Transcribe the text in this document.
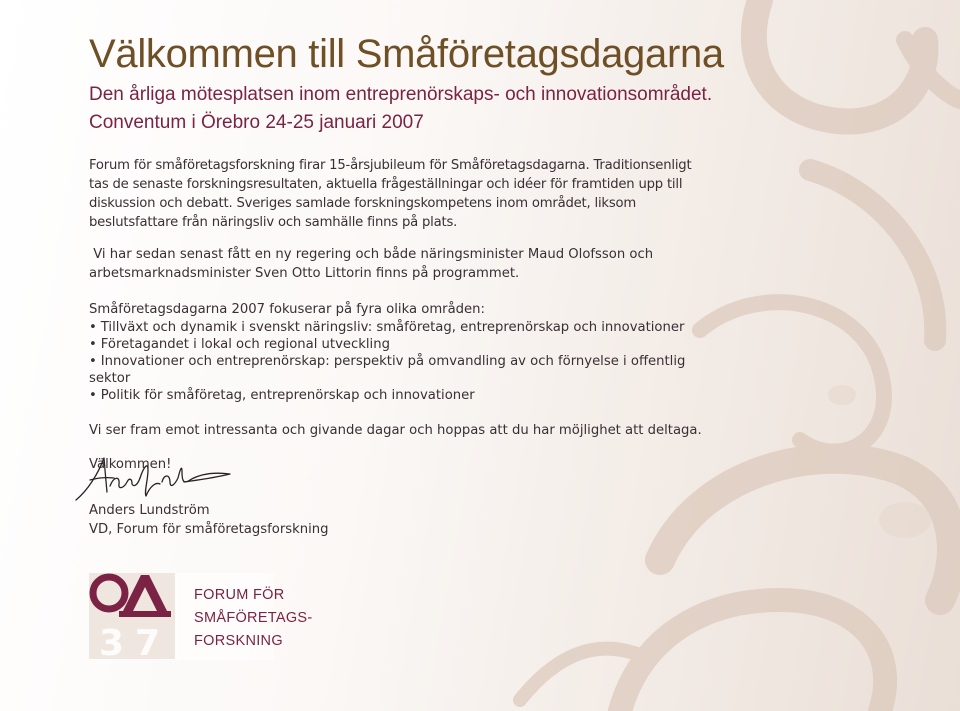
Välkommen till Småföretagsdagarna
Den årliga mötesplatsen inom entreprenörskaps- och innovationsområdet.
Conventum i Örebro 24-25 januari 2007
Forum för småföretagsforskning firar 15-årsjubileum för Småföretagsdagarna. Traditionsenligt
tas de senaste forskningsresultaten, aktuella frågeställningar och idéer för framtiden upp till
diskussion och debatt. Sveriges samlade forskningskompetens inom området, liksom
beslutsfattare från näringsliv och samhälle finns på plats.
Vi har sedan senast fått en ny regering och både näringsminister Maud Olofsson och
arbetsmarknadsminister Sven Otto Littorin finns på programmet.
Småföretagsdagarna 2007 fokuserar på fyra olika områden:
• Tillväxt och dynamik i svenskt näringsliv: småföretag, entreprenörskap och innovationer
• Företagandet i lokal och regional utveckling
• Innovationer och entreprenörskap: perspektiv på omvandling av och förnyelse i offentlig sektor
• Politik för småföretag, entreprenörskap och innovationer
Vi ser fram emot intressanta och givande dagar och hoppas att du har möjlighet att deltaga.
Välkommen!
Anders Lundström
VD, Forum för småföretagsforskning
3 7
FORUM FÖR
SMÅFÖRETAGS-
FORSKNING
